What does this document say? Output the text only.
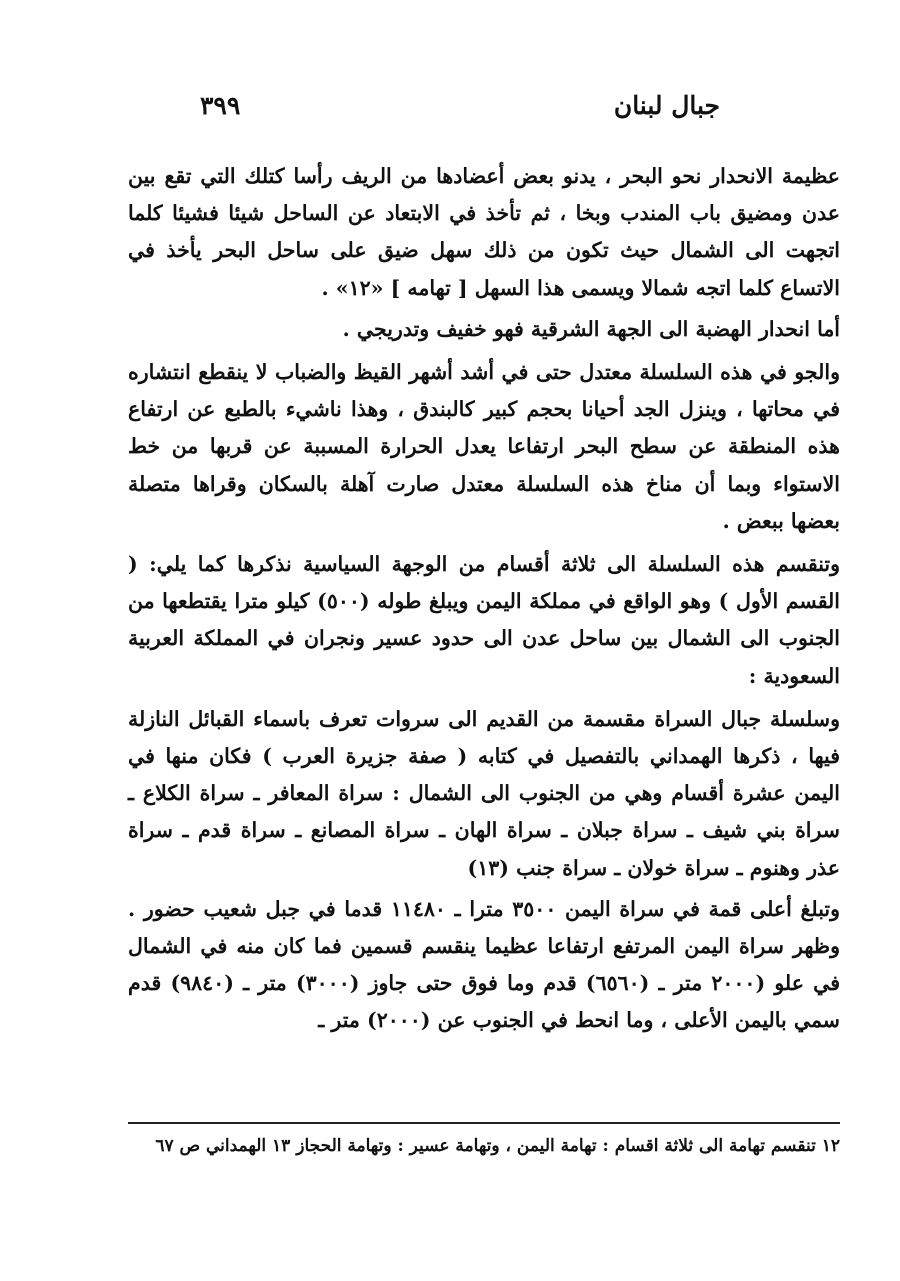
جبال لبنان
٣٩٩

عظيمة الانحدار نحو البحر ، يدنو بعض أعضادها من الريف رأسا كتلك التي تقع بين عدن ومضيق باب المندب وبخا ، ثم تأخذ في الابتعاد عن الساحل شيئا فشيئا كلما اتجهت الى الشمال حيث تكون من ذلك سهل ضيق على ساحل البحر يأخذ في الاتساع كلما اتجه شمالا ويسمى هذا السهل [ تهامه ] «١٢» .

أما انحدار الهضبة الى الجهة الشرقية فهو خفيف وتدريجي .

والجو في هذه السلسلة معتدل حتى في أشد أشهر القيظ والضباب لا ينقطع انتشاره في محاتها ، وينزل الجد أحيانا بحجم كبير كالبندق ، وهذا ناشيء بالطبع عن ارتفاع هذه المنطقة عن سطح البحر ارتفاعا يعدل الحرارة المسببة عن قربها من خط الاستواء وبما أن مناخ هذه السلسلة معتدل صارت آهلة بالسكان وقراها متصلة بعضها ببعض .

وتنقسم هذه السلسلة الى ثلاثة أقسام من الوجهة السياسية نذكرها كما يلي: ( القسم الأول ) وهو الواقع في مملكة اليمن ويبلغ طوله (٥٠٠) كيلو مترا يقتطعها من الجنوب الى الشمال بين ساحل عدن الى حدود عسير ونجران في المملكة العربية السعودية :

وسلسلة جبال السراة مقسمة من القديم الى سروات تعرف باسماء القبائل النازلة فيها ، ذكرها الهمداني بالتفصيل في كتابه ( صفة جزيرة العرب ) فكان منها في اليمن عشرة أقسام وهي من الجنوب الى الشمال : سراة المعافر ـ سراة الكلاع ـ سراة بني شيف ـ سراة جبلان ـ سراة الهان ـ سراة المصانع ـ سراة قدم ـ سراة عذر وهنوم ـ سراة خولان ـ سراة جنب (١٣)

وتبلغ أعلى قمة في سراة اليمن ٣٥٠٠ مترا ـ ١١٤٨٠ قدما في جبل شعيب حضور . وظهر سراة اليمن المرتفع ارتفاعا عظيما ينقسم قسمين فما كان منه في الشمال في علو (٢٠٠٠ متر ـ (٦٥٦٠) قدم وما فوق حتى جاوز (٣٠٠٠) متر ـ (٩٨٤٠) قدم سمي باليمن الأعلى ، وما انحط في الجنوب عن (٢٠٠٠) متر ـ

١٢ تنقسم تهامة الى ثلاثة اقسام : تهامة اليمن ، وتهامة عسير : وتهامة الحجاز ١٣ الهمداني ص ٦٧
